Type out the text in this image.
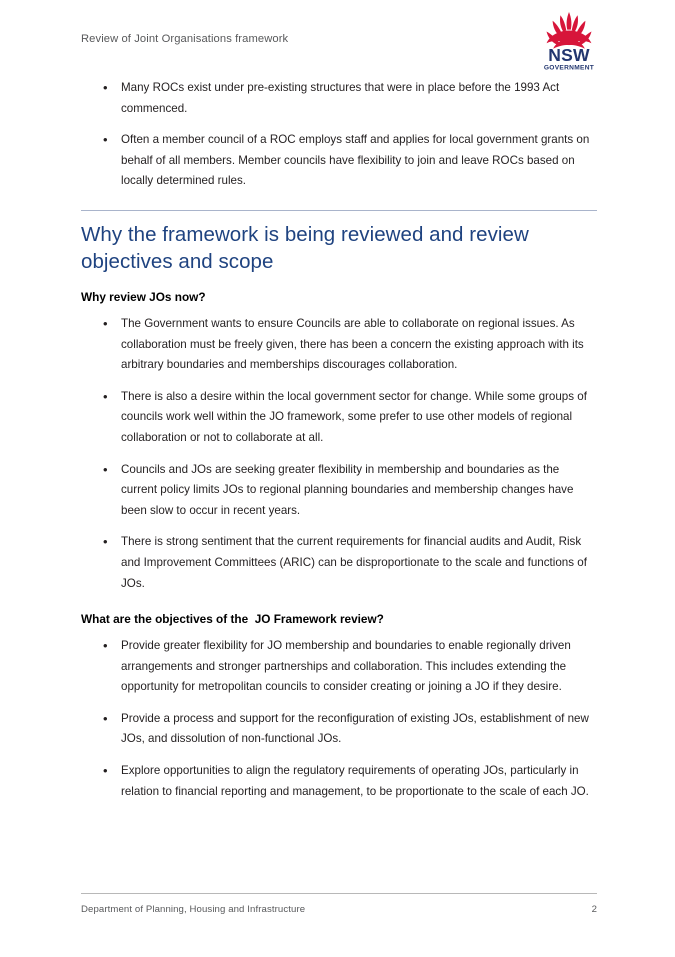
Review of Joint Organisations framework
NSW
GOVERNMENT
• Many ROCs exist under pre-existing structures that were in place before the 1993 Act commenced.
• Often a member council of a ROC employs staff and applies for local government grants on behalf of all members. Member councils have flexibility to join and leave ROCs based on locally determined rules.
Why the framework is being reviewed and review objectives and scope
Why review JOs now?
• The Government wants to ensure Councils are able to collaborate on regional issues. As collaboration must be freely given, there has been a concern the existing approach with its arbitrary boundaries and memberships discourages collaboration.
• There is also a desire within the local government sector for change. While some groups of councils work well within the JO framework, some prefer to use other models of regional collaboration or not to collaborate at all.
• Councils and JOs are seeking greater flexibility in membership and boundaries as the current policy limits JOs to regional planning boundaries and membership changes have been slow to occur in recent years.
• There is strong sentiment that the current requirements for financial audits and Audit, Risk and Improvement Committees (ARIC) can be disproportionate to the scale and functions of JOs.
What are the objectives of the  JO Framework review?
• Provide greater flexibility for JO membership and boundaries to enable regionally driven arrangements and stronger partnerships and collaboration. This includes extending the opportunity for metropolitan councils to consider creating or joining a JO if they desire.
• Provide a process and support for the reconfiguration of existing JOs, establishment of new JOs, and dissolution of non-functional JOs.
• Explore opportunities to align the regulatory requirements of operating JOs, particularly in relation to financial reporting and management, to be proportionate to the scale of each JO.
Department of Planning, Housing and Infrastructure	2
